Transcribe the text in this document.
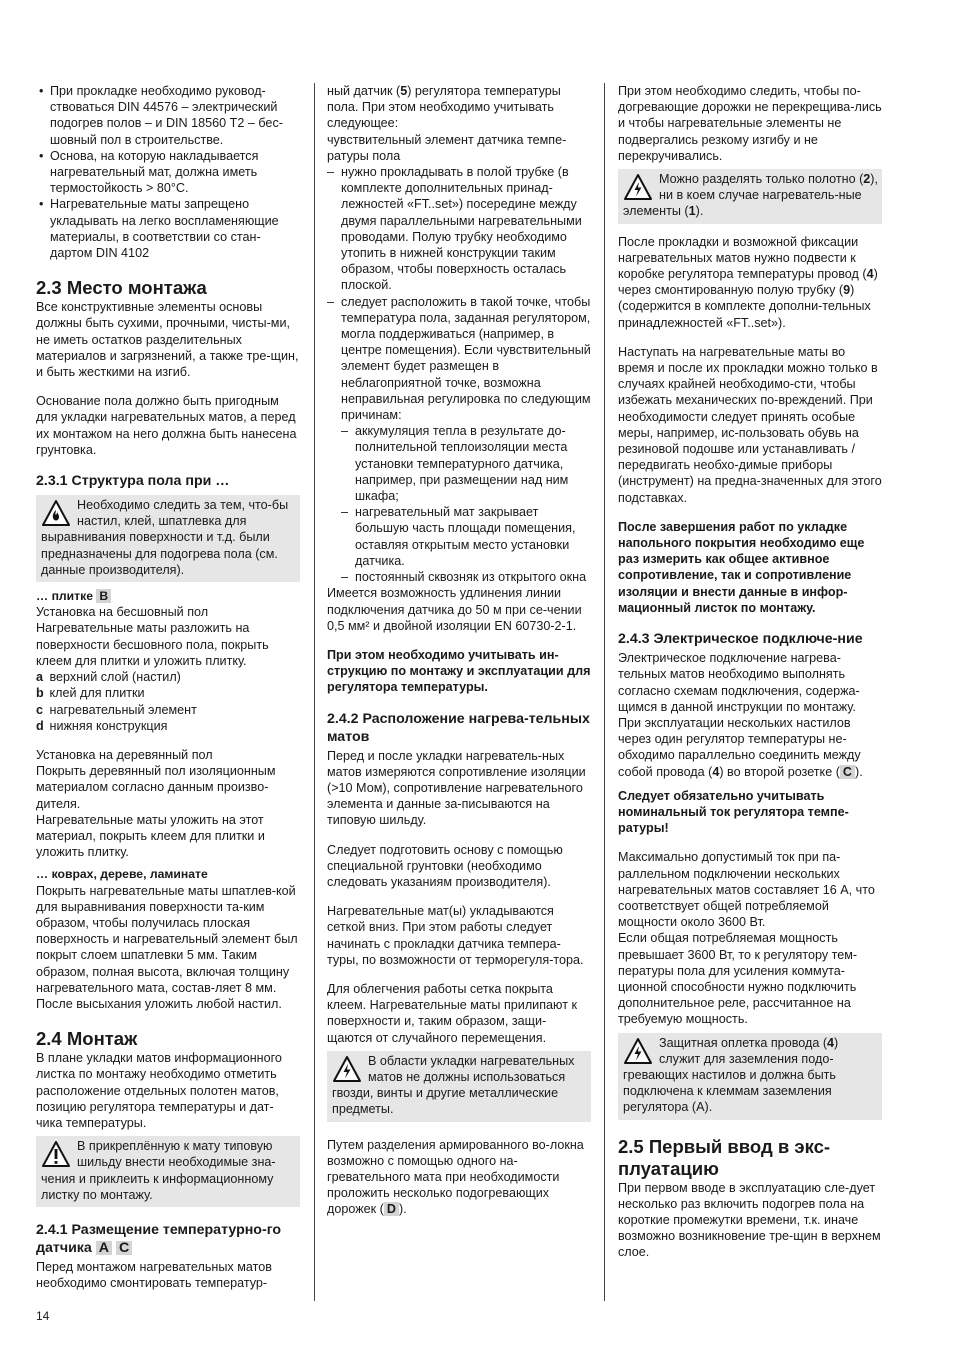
• При прокладке необходимо руковод-ствоваться DIN 44576 – электрический подогрев полов – и DIN 18560 Т2 – бес-шовный пол в строительстве.
• Основа, на которую накладывается нагревательный мат, должна иметь термостойкость > 80°C.
• Нагревательные маты запрещено укладывать на легко воспламеняющие материалы, в соответствии со стан-дартом DIN 4102
2.3 Место монтажа

Все конструктивные элементы основы должны быть сухими, прочными, чисты-ми, не иметь остатков разделительных материалов и загрязнений, а также тре-щин, и быть жесткими на изгиб.

Основание пола должно быть пригодным для укладки нагревательных матов, а перед их монтажом на него должна быть нанесена грунтовка.

2.3.1 Структура пола при …
Необходимо следить за тем, что-бы настил, клей, шпатлевка для выравнивания поверхности и т.д. были предназначены для подогрева пола (см. данные производителя).

… плитке B

Установка на бесшовный пол

Нагревательные маты разложить на поверхности бесшовного пола, покрыть клеем для плитки и уложить плитку.

a верхний слой (настил)
b клей для плитки
c нагревательный элемент
d нижняя конструкция

Установка на деревянный пол

Покрыть деревянный пол изоляционным материалом согласно данным произво-дителя.

Нагревательные маты уложить на этот материал, покрыть клеем для плитки и уложить плитку.

… коврах, дереве, ламинате

Покрыть нагревательные маты шпатлев-кой для выравнивания поверхности та-ким образом, чтобы получилась плоская поверхность и нагревательный элемент был покрыт слоем шпатлевки 5 мм. Таким образом, полная высота, включая толщину нагревательного мата, состав-ляет 8 мм. После высыхания уложить любой настил.

2.4 Монтаж

В плане укладки матов информационного листка по монтажу необходимо отметить расположение отдельных полотен матов, позицию регулятора температуры и дат-чика температуры.

В прикреплённую к мату типовую шильду внести необходимые зна-чения и приклеить к информационному листку по монтажу.
2.4.1 Размещение температурно-го датчика A C

Перед монтажом нагревательных матов необходимо смонтировать температур-

ный датчик (5) регулятора температуры пола. При этом необходимо учитывать следующее:

чувствительный элемент датчика темпе-ратуры пола

– нужно прокладывать в полой трубке (в комплекте дополнительных принад-лежностей «FT..set») посередине между двумя параллельными нагревательными проводами. Полую трубку необходимо утопить в нижней конструкции таким образом, чтобы поверхность осталась плоской.
– следует расположить в такой точке, чтобы температура пола, заданная регулятором, могла поддерживаться (например, в центре помещения). Если чувствительный элемент будет размещен в неблагоприятной точке, возможна неправильная регулировка по следующим причинам:
– аккумуляция тепла в результате до-полнительной теплоизоляции места установки температурного датчика, например, при размещении над ним шкафа;
– нагревательный мат закрывает большую часть площади помещения, оставляя открытым место установки датчика.
– постоянный сквозняк из открытого окна

Имеется возможность удлинения линии подключения датчика до 50 м при се-чении 0,5 мм² и двойной изоляции EN 60730-2-1.

При этом необходимо учитывать ин-струкцию по монтажу и эксплуатации для регулятора температуры.

2.4.2 Расположение нагрева-тельных матов

Перед и после укладки нагреватель-ных матов измеряются сопротивление изоляции (>10 Мом), сопротивление нагревательного элемента и данные за-писываются на типовую шильду.

Следует подготовить основу с помощью специальной грунтовки (необходимо следовать указаниям производителя).

Нагревательные мат(ы) укладываются сеткой вниз. При этом работы следует начинать с прокладки датчика темпера-туры, по возможности от терморегуля-тора.

Для облегчения работы сетка покрыта клеем. Нагревательные маты прилипают к поверхности и, таким образом, защи-щаются от случайного перемещения.

В области укладки нагревательных матов не должны использоваться гвозди, винты и другие металлические предметы.

Путем разделения армированного во-локна возможно с помощью одного на-гревательного мата при необходимости проложить несколько подогревающих дорожек ( D ).

При этом необходимо следить, чтобы по-догревающие дорожки не перекрещива-лись и чтобы нагревательные элементы не подвергались резкому изгибу и не перекручивались.

Можно разделять только полотно (2), ни в коем случае нагреватель-ные элементы (1).

После прокладки и возможной фиксации нагревательных матов нужно подвести к коробке регулятора температуры провод (4) через смонтированную полую трубку (9) (содержится в комплекте дополни-тельных принадлежностей «FT..set»).

Наступать на нагревательные маты во время и после их прокладки можно только в случаях крайней необходимо-сти, чтобы избежать механических по-вреждений. При необходимости следует принять особые меры, например, ис-пользовать обувь на резиновой подошве или устанавливать / передвигать необхо-димые приборы (инструмент) на предна-значенных для этого подставках.

После завершения работ по укладке напольного покрытия необходимо еще раз измерить как общее активное сопротивление, так и сопротивление изоляции и внести данные в инфор-мационный листок по монтажу.

2.4.3 Электрическое подключе-ние

Электрическое подключение нагрева-тельных матов необходимо выполнять согласно схемам подключения, содержа-щимся в данной инструкции по монтажу. При эксплуатации нескольких настилов через один регулятор температуры не-обходимо параллельно соединить между собой провода (4) во второй розетке ( C ).

Следует обязательно учитывать номинальный ток регулятора темпе-ратуры!

Максимально допустимый ток при па-раллельном подключении нескольких нагревательных матов составляет 16 A, что соответствует общей потребляемой мощности около 3600 Вт.

Если общая потребляемая мощность превышает 3600 Вт, то к регулятору тем-пературы пола для усиления коммута-ционной способности нужно подключить дополнительное реле, рассчитанное на требуемую мощность.

Защитная оплетка провода (4) служит для заземления подо-гревающих настилов и должна быть подключена к клеммам заземления регулятора (А).
2.5 Первый ввод в экс-плуатацию

При первом вводе в эксплуатацию сле-дует несколько раз включить подогрев пола на короткие промежутки времени, т.к. иначе возможно возникновение тре-щин в верхнем слое.

14
